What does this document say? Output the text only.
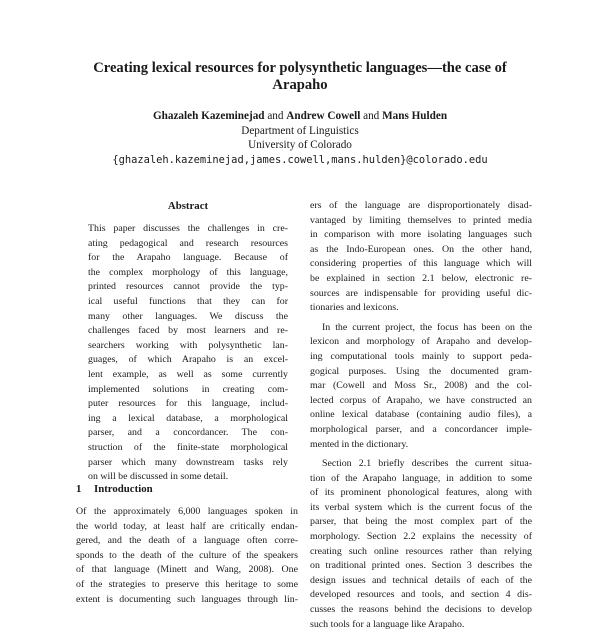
Creating lexical resources for polysynthetic languages—the case of
Arapaho
Ghazaleh Kazeminejad and Andrew Cowell and Mans Hulden
Department of Linguistics
University of Colorado
{ghazaleh.kazeminejad,james.cowell,mans.hulden}@colorado.edu
Abstract
This paper discusses the challenges in cre-
ating pedagogical and research resources
for the Arapaho language. Because of
the complex morphology of this language,
printed resources cannot provide the typ-
ical useful functions that they can for
many other languages. We discuss the
challenges faced by most learners and re-
searchers working with polysynthetic lan-
guages, of which Arapaho is an excel-
lent example, as well as some currently
implemented solutions in creating com-
puter resources for this language, includ-
ing a lexical database, a morphological
parser, and a concordancer. The con-
struction of the finite-state morphological
parser which many downstream tasks rely
on will be discussed in some detail.
1 Introduction
Of the approximately 6,000 languages spoken in
the world today, at least half are critically endan-
gered, and the death of a language often corre-
sponds to the death of the culture of the speakers
of that language (Minett and Wang, 2008). One
of the strategies to preserve this heritage to some
extent is documenting such languages through lin-
ers of the language are disproportionately disad-
vantaged by limiting themselves to printed media
in comparison with more isolating languages such
as the Indo-European ones. On the other hand,
considering properties of this language which will
be explained in section 2.1 below, electronic re-
sources are indispensable for providing useful dic-
tionaries and lexicons.
In the current project, the focus has been on the
lexicon and morphology of Arapaho and develop-
ing computational tools mainly to support peda-
gogical purposes. Using the documented gram-
mar (Cowell and Moss Sr., 2008) and the col-
lected corpus of Arapaho, we have constructed an
online lexical database (containing audio files), a
morphological parser, and a concordancer imple-
mented in the dictionary.
Section 2.1 briefly describes the current situa-
tion of the Arapaho language, in addition to some
of its prominent phonological features, along with
its verbal system which is the current focus of the
parser, that being the most complex part of the
morphology. Section 2.2 explains the necessity of
creating such online resources rather than relying
on traditional printed ones. Section 3 describes the
design issues and technical details of each of the
developed resources and tools, and section 4 dis-
cusses the reasons behind the decisions to develop
such tools for a language like Arapaho.
